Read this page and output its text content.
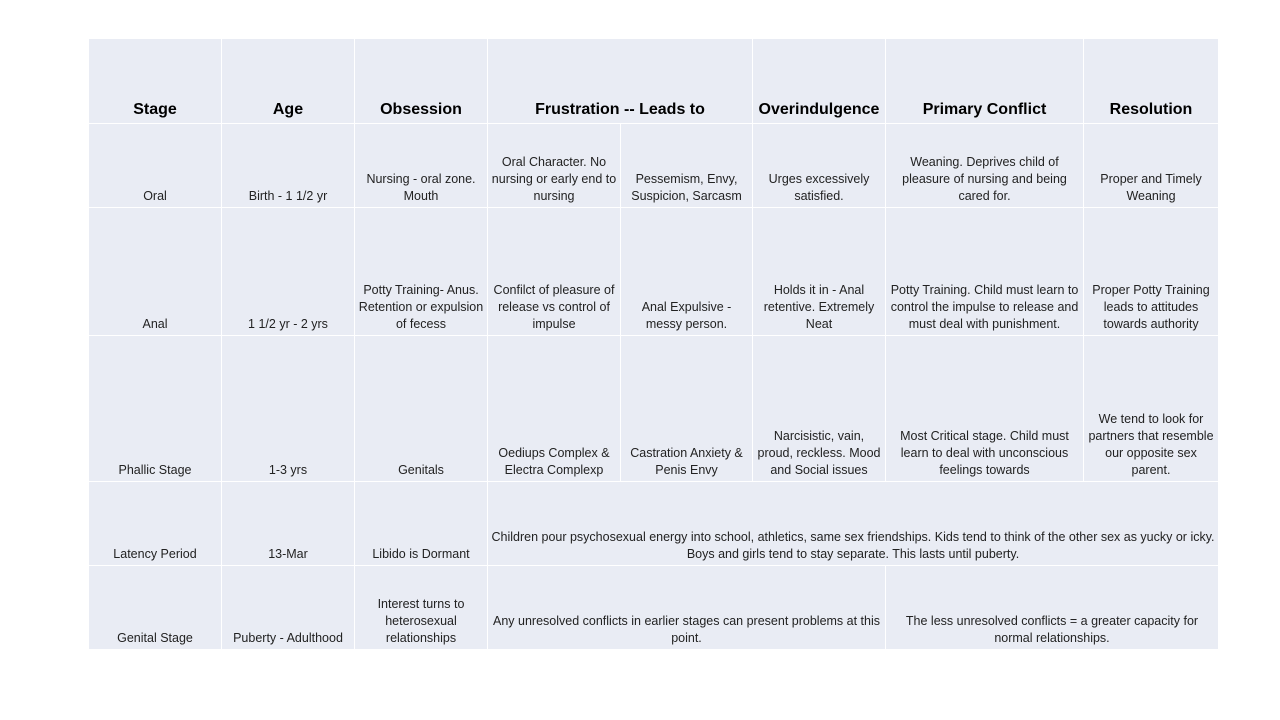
Stage	Age	Obsession	Frustration -- Leads to		Overindulgence	Primary Conflict	Resolution
Oral	Birth - 1 1/2 yr	Nursing - oral zone. Mouth	Oral Character. No nursing or early end to nursing	Pessemism, Envy, Suspicion, Sarcasm	Urges excessively satisfied.	Weaning. Deprives child of pleasure of nursing and being cared for.	Proper and Timely Weaning
Anal	1 1/2 yr - 2 yrs	Potty Training- Anus. Retention or expulsion of fecess	Confilct of pleasure of release vs control of impulse	Anal Expulsive - messy person.	Holds it in - Anal retentive. Extremely Neat	Potty Training. Child must learn to control the impulse to release and must deal with punishment.	Proper Potty Training leads to attitudes towards authority
Phallic Stage	1-3 yrs	Genitals	Oediups Complex & Electra Complexp	Castration Anxiety & Penis Envy	Narcisistic, vain, proud, reckless. Mood and Social issues	Most Critical stage. Child must learn to deal with unconscious feelings towards	We tend to look for partners that resemble our opposite sex parent.
Latency Period	13-Mar	Libido is Dormant	Children pour psychosexual energy into school, athletics, same sex friendships. Kids tend to think of the other sex as yucky or icky. Boys and girls tend to stay separate. This lasts until puberty.				
Genital Stage	Puberty - Adulthood	Interest turns to heterosexual relationships	Any unresolved conflicts in earlier stages can present problems at this point.			The less unresolved conflicts = a greater capacity for normal relationships.	
